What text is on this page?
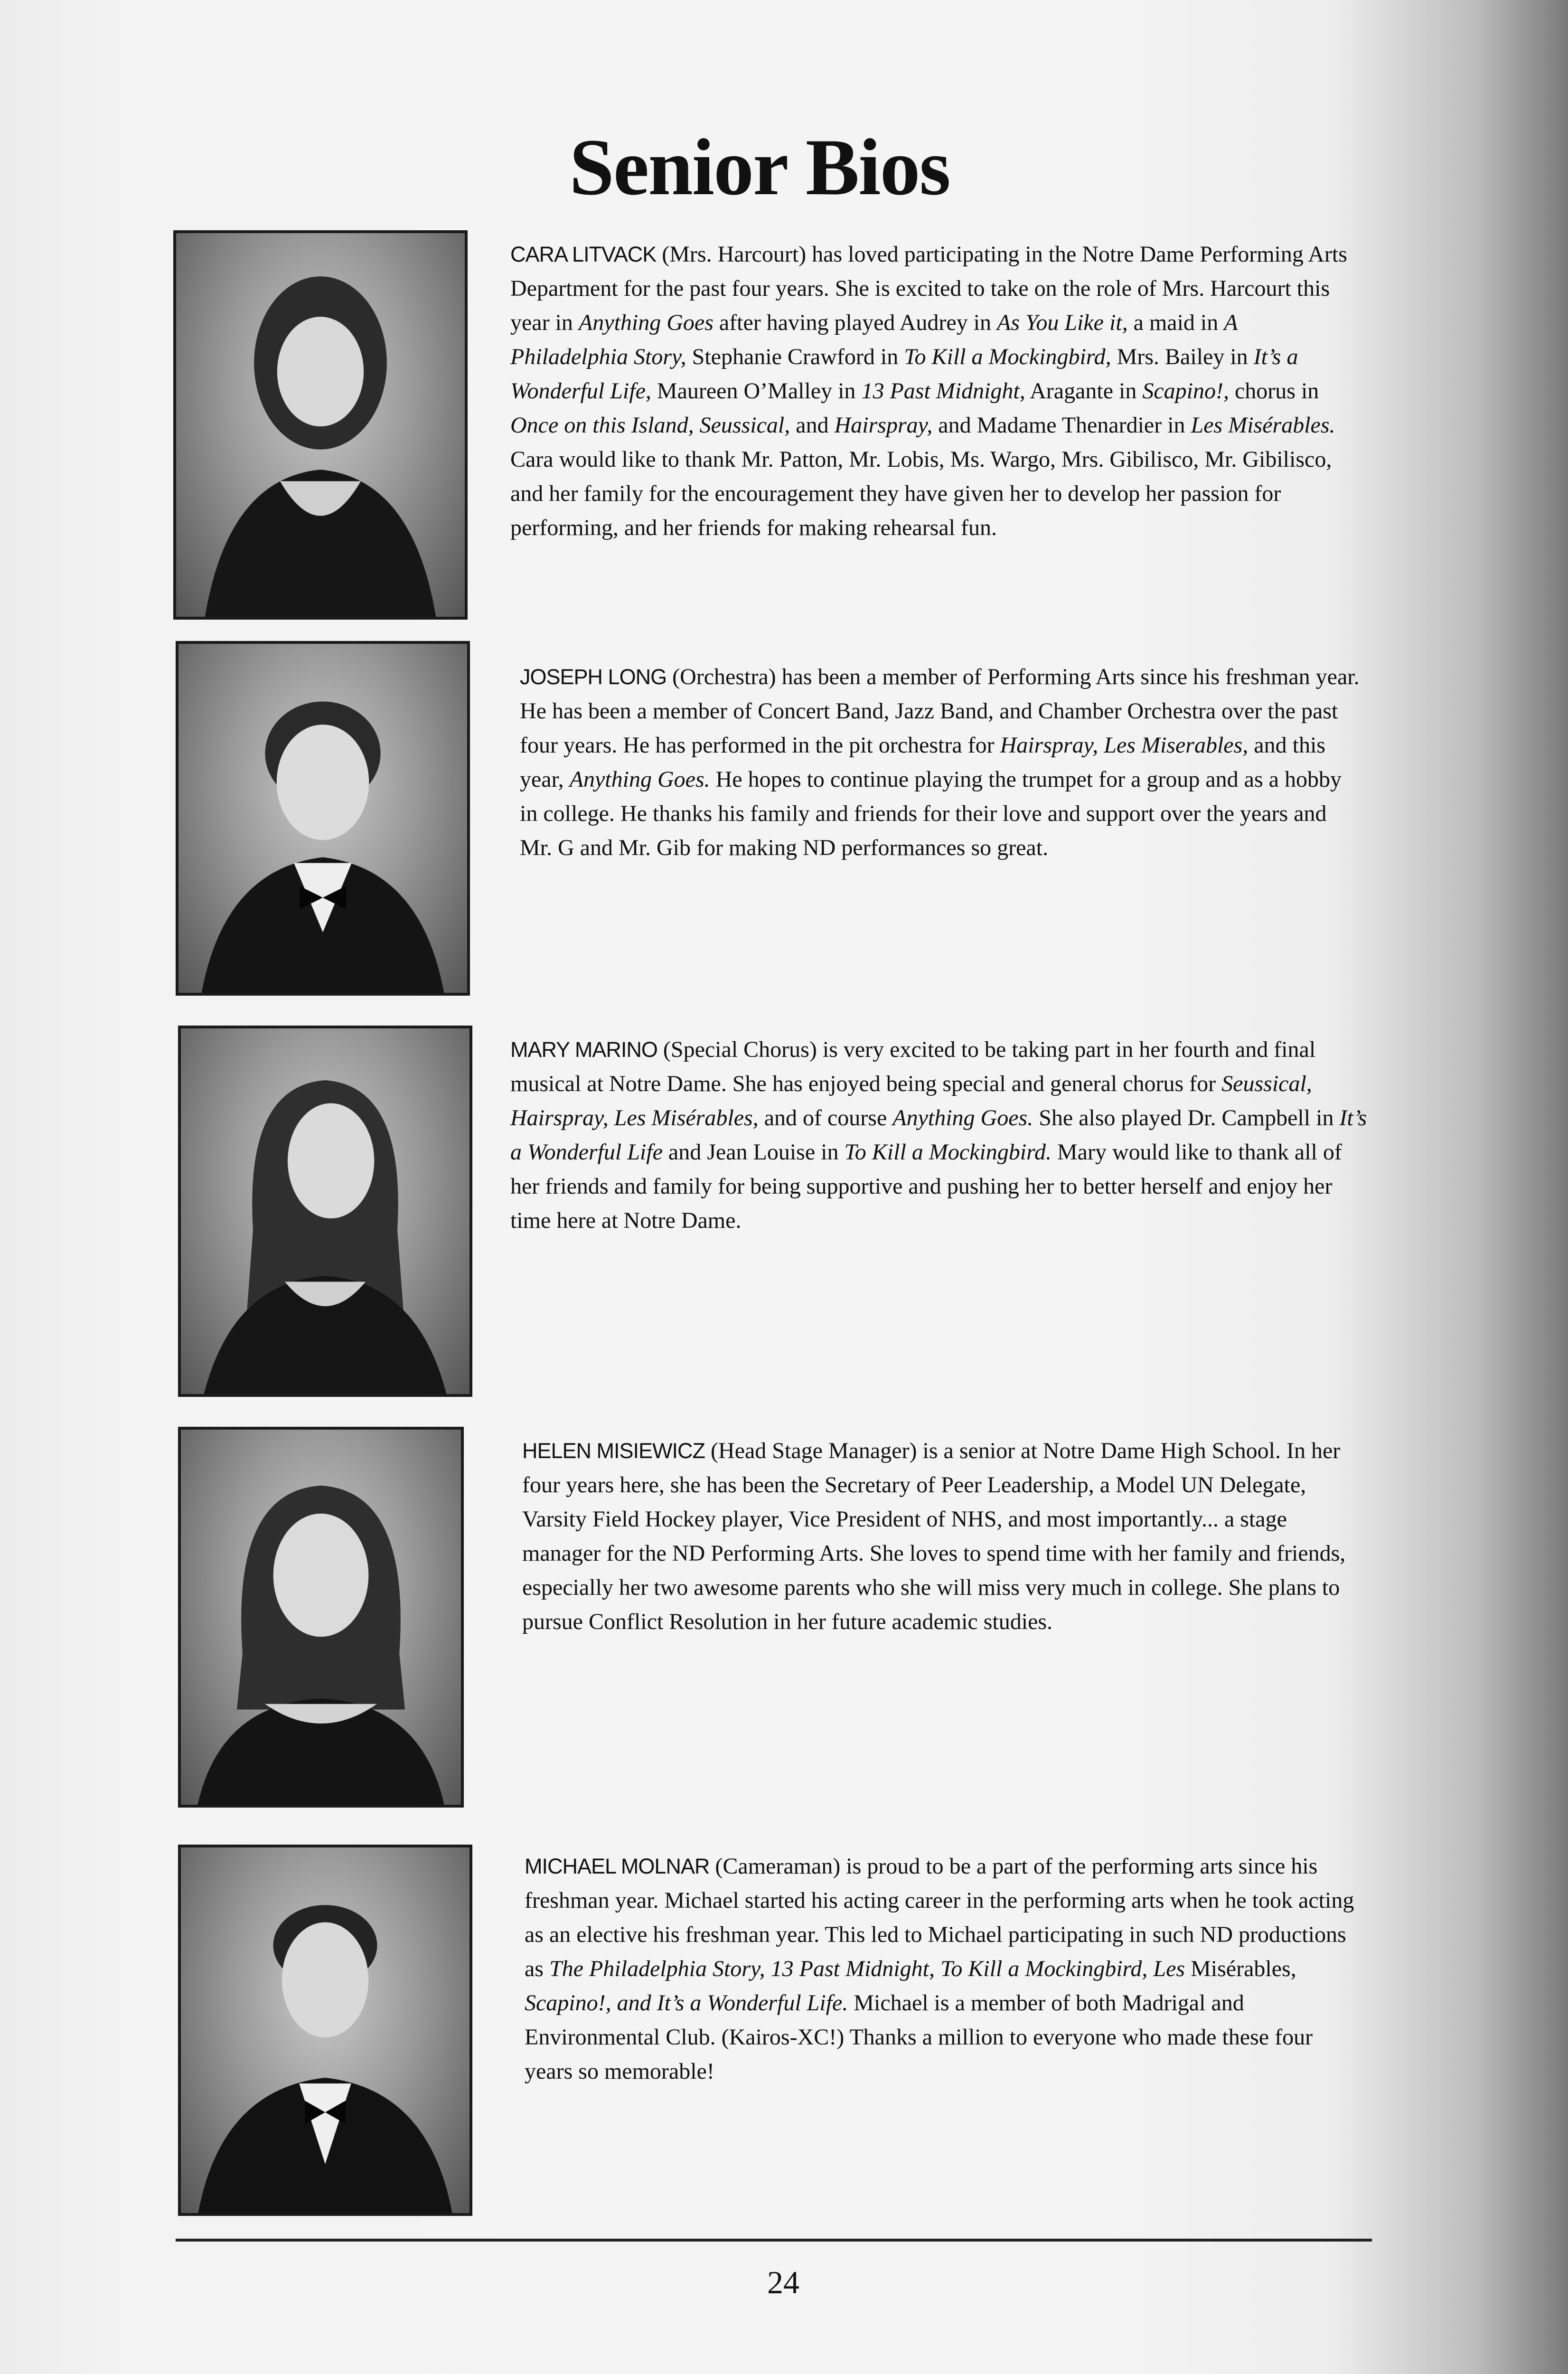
Senior Bios

CARA LITVACK (Mrs. Harcourt) has loved participating in the Notre Dame Performing Arts Department for the past four years. She is excited to take on the role of Mrs. Harcourt this year in Anything Goes after having played Audrey in As You Like it, a maid in A Philadelphia Story, Stephanie Crawford in To Kill a Mockingbird, Mrs. Bailey in It’s a Wonderful Life, Maureen O’Malley in 13 Past Midnight, Aragante in Scapino!, chorus in Once on this Island, Seussical, and Hairspray, and Madame Thenardier in Les Misérables. Cara would like to thank Mr. Patton, Mr. Lobis, Ms. Wargo, Mrs. Gibilisco, Mr. Gibilisco, and her family for the encouragement they have given her to develop her passion for performing, and her friends for making rehearsal fun.

JOSEPH LONG (Orchestra) has been a member of Performing Arts since his freshman year. He has been a member of Concert Band, Jazz Band, and Chamber Orchestra over the past four years. He has performed in the pit orchestra for Hairspray, Les Miserables, and this year, Anything Goes. He hopes to continue playing the trumpet for a group and as a hobby in college. He thanks his family and friends for their love and support over the years and Mr. G and Mr. Gib for making ND performances so great.

MARY MARINO (Special Chorus) is very excited to be taking part in her fourth and final musical at Notre Dame. She has enjoyed being special and general chorus for Seussical, Hairspray, Les Misérables, and of course Anything Goes. She also played Dr. Campbell in It’s a Wonderful Life and Jean Louise in To Kill a Mockingbird. Mary would like to thank all of her friends and family for being supportive and pushing her to better herself and enjoy her time here at Notre Dame.

HELEN MISIEWICZ (Head Stage Manager) is a senior at Notre Dame High School. In her four years here, she has been the Secretary of Peer Leadership, a Model UN Delegate, Varsity Field Hockey player, Vice President of NHS, and most importantly... a stage manager for the ND Performing Arts. She loves to spend time with her family and friends, especially her two awesome parents who she will miss very much in college. She plans to pursue Conflict Resolution in her future academic studies.

MICHAEL MOLNAR (Cameraman) is proud to be a part of the performing arts since his freshman year. Michael started his acting career in the performing arts when he took acting as an elective his freshman year. This led to Michael participating in such ND productions as The Philadelphia Story, 13 Past Midnight, To Kill a Mockingbird, Les Misérables, Scapino!, and It’s a Wonderful Life. Michael is a member of both Madrigal and Environmental Club. (Kairos-XC!) Thanks a million to everyone who made these four years so memorable!

24
